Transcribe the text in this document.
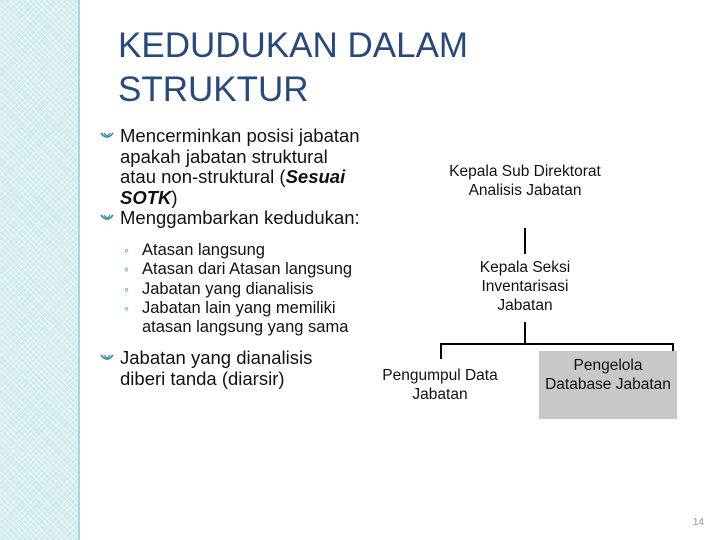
KEDUDUKAN DALAM
STRUKTUR
Mencerminkan posisi jabatan apakah jabatan struktural atau non-struktural (Sesuai SOTK)
Menggambarkan kedudukan:
◦ Atasan langsung
◦ Atasan dari Atasan langsung
◦ Jabatan yang dianalisis
◦ Jabatan lain yang memiliki atasan langsung yang sama
Jabatan yang dianalisis diberi tanda (diarsir)
Kepala Sub Direktorat Analisis Jabatan
Kepala Seksi Inventarisasi Jabatan
Pengumpul Data Jabatan
Pengelola Database Jabatan
14
